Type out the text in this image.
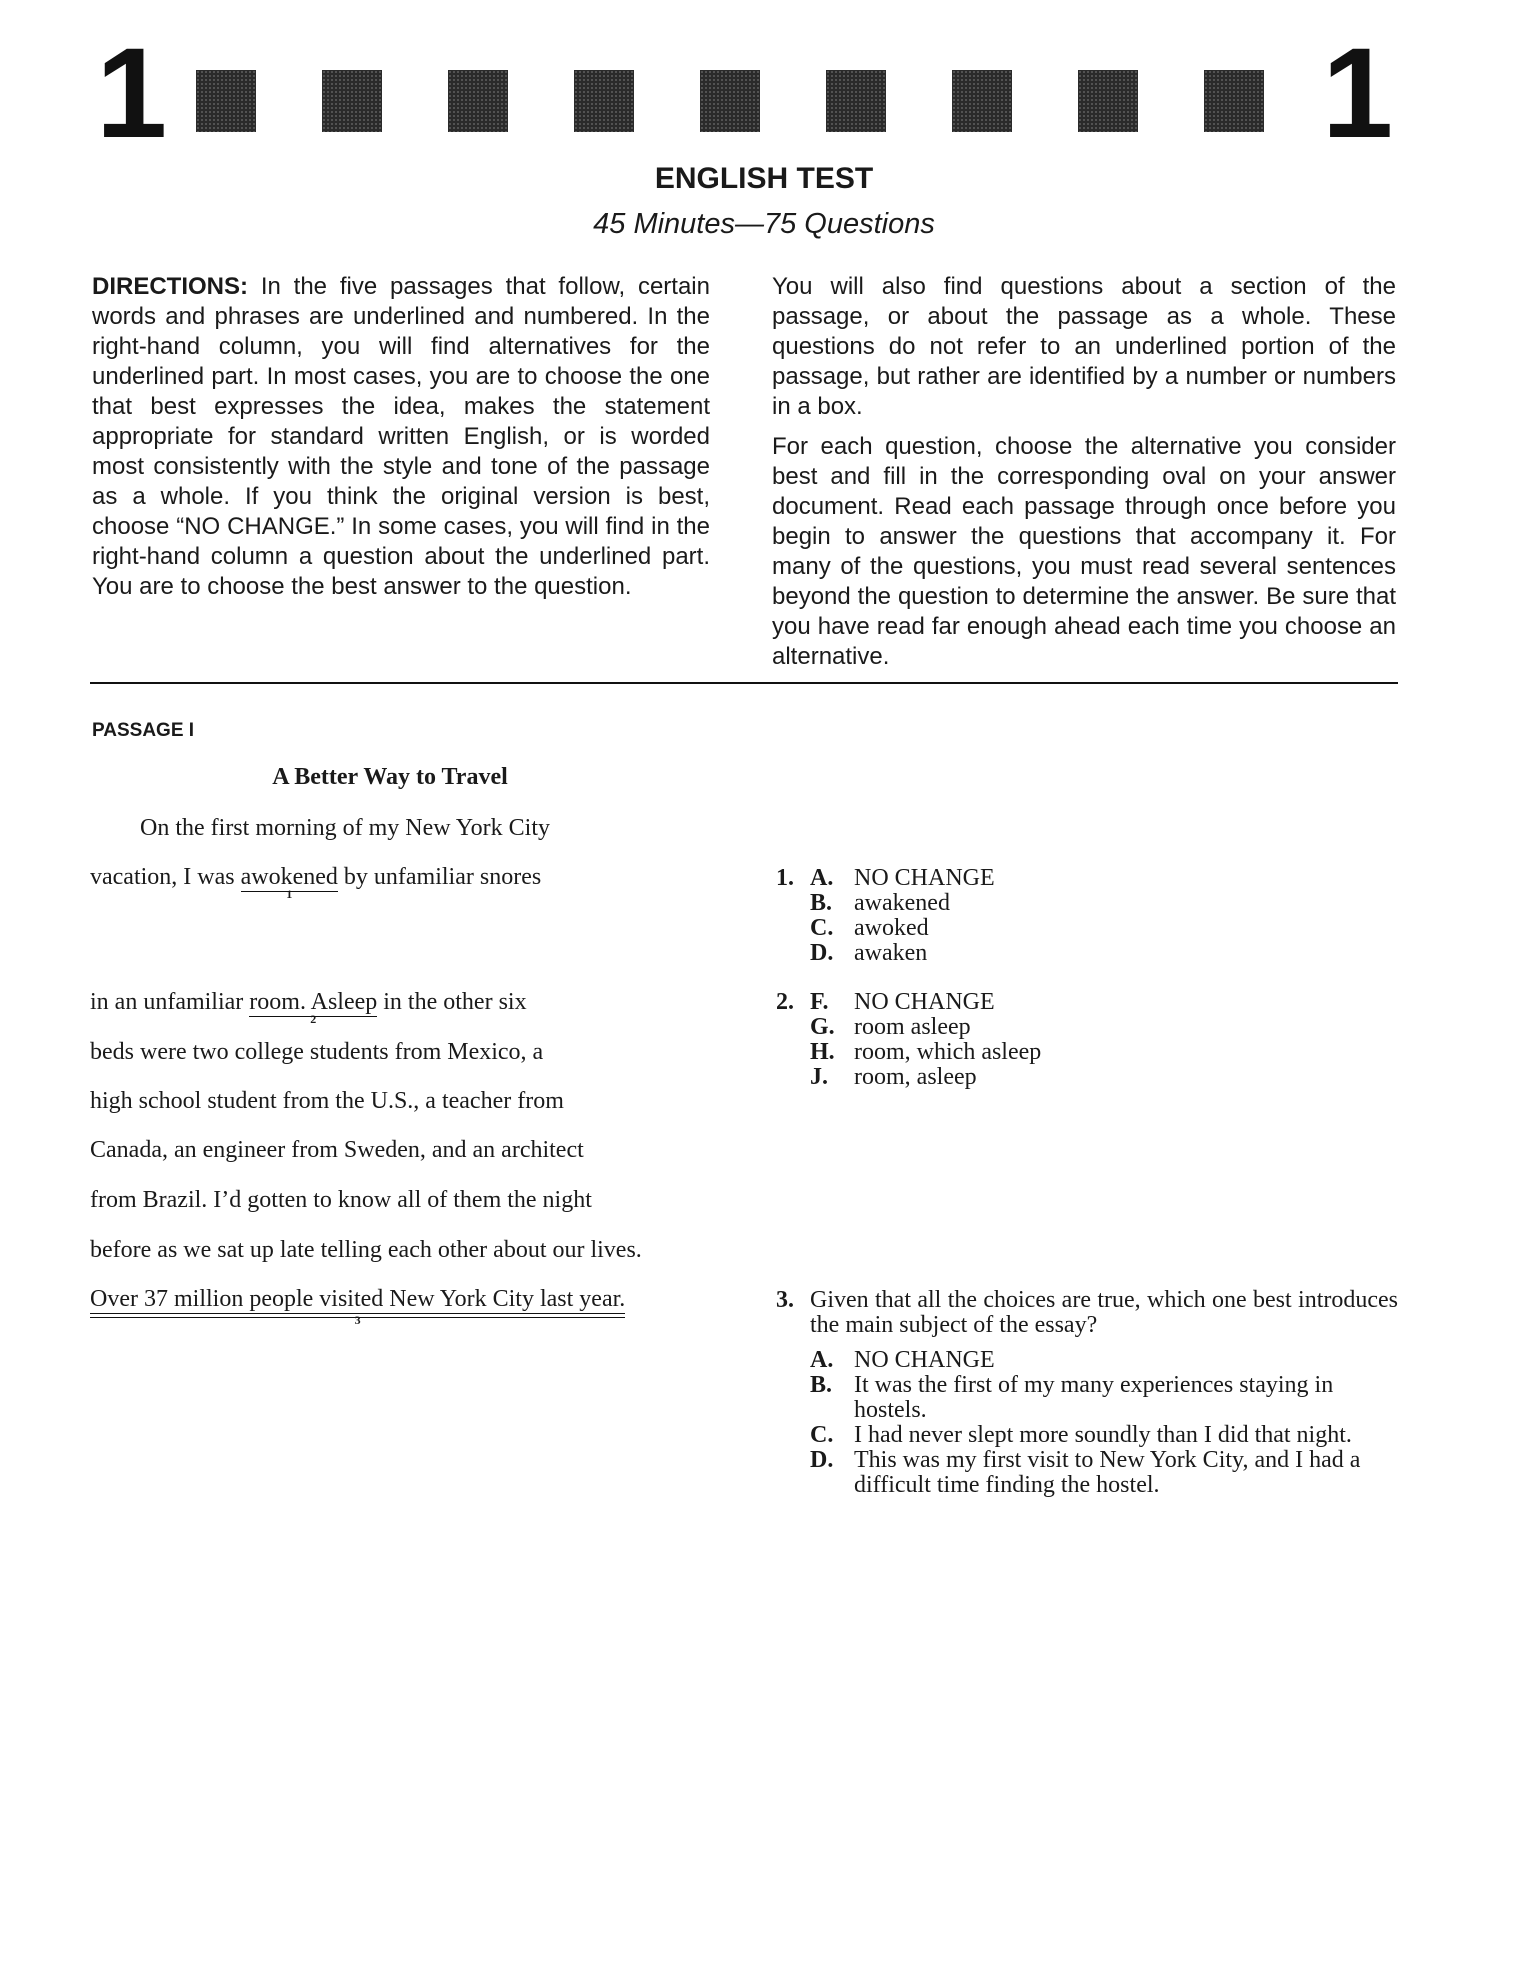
1	1
ENGLISH TEST
45 Minutes—75 Questions

DIRECTIONS: In the five passages that follow, certain words and phrases are underlined and numbered. In the right-hand column, you will find alternatives for the underlined part. In most cases, you are to choose the one that best expresses the idea, makes the statement appropriate for standard written English, or is worded most consistently with the style and tone of the passage as a whole. If you think the original version is best, choose “NO CHANGE.” In some cases, you will find in the right-hand column a question about the underlined part. You are to choose the best answer to the question.

You will also find questions about a section of the passage, or about the passage as a whole. These questions do not refer to an underlined portion of the passage, but rather are identified by a number or numbers in a box.

For each question, choose the alternative you consider best and fill in the corresponding oval on your answer document. Read each passage through once before you begin to answer the questions that accompany it. For many of the questions, you must read several sentences beyond the question to determine the answer. Be sure that you have read far enough ahead each time you choose an alternative.

PASSAGE I
A Better Way to Travel
On the first morning of my New York City
vacation, I was awokened
1
by unfamiliar snores
in an unfamiliar room. Asleep
2
in the other six
beds were two college students from Mexico, a
high school student from the U.S., a teacher from
Canada, an engineer from Sweden, and an architect
from Brazil. I’d gotten to know all of them the night
before as we sat up late telling each other about our lives.
Over 37 million people visited New York City last year.
3
1. A. NO CHANGE
B. awakened
C. awoked
D. awaken
2. F.	NO CHANGE
G. room asleep
H. room, which asleep
J.	room, asleep
3. Given that all the choices are true, which one best introduces the main subject of the essay?
A. NO CHANGE
B. It was the first of my many experiences staying in hostels.
C. I had never slept more soundly than I did that night.
D. This was my first visit to New York City, and I had a difficult time finding the hostel.
